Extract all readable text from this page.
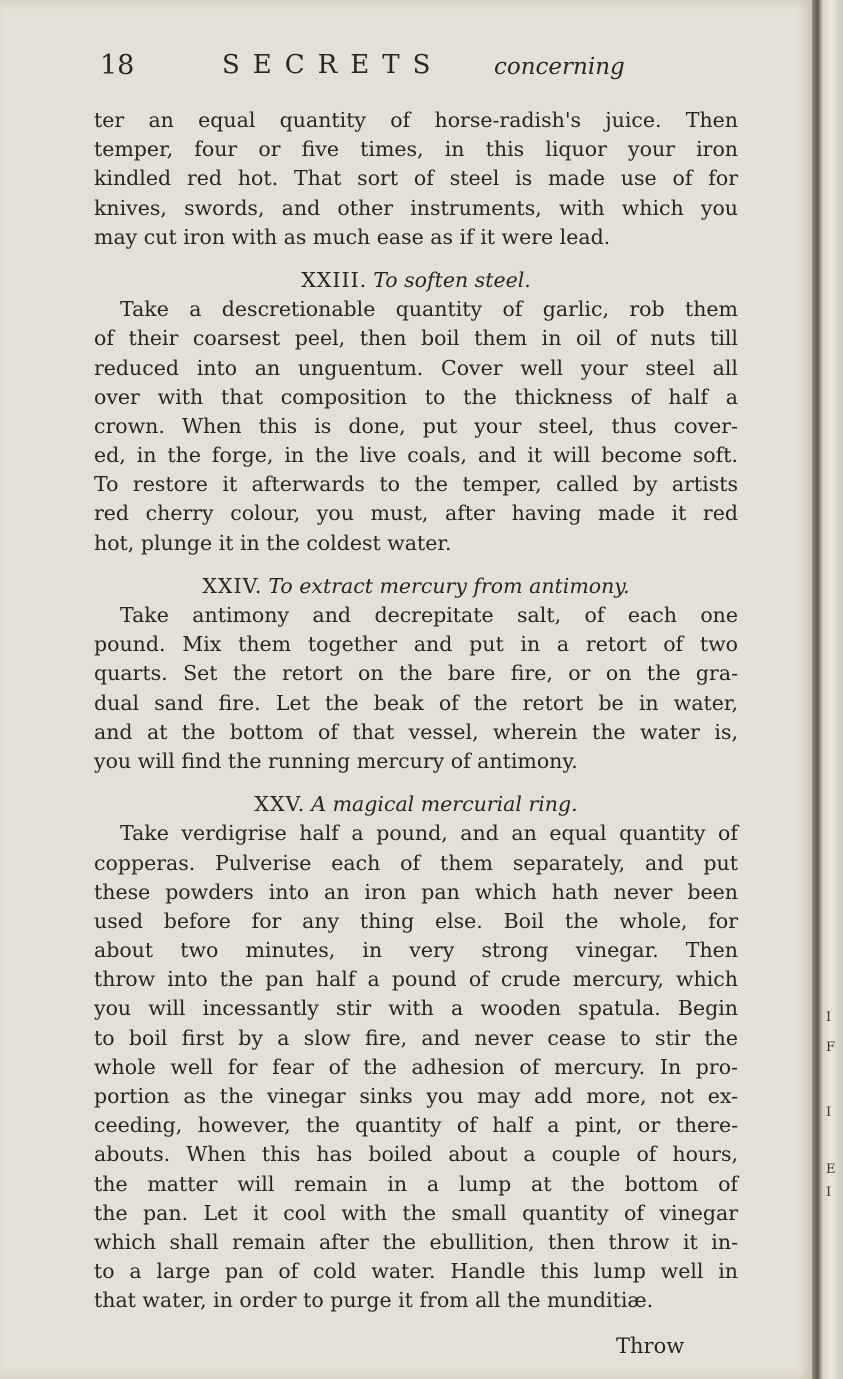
18	SECRETS concerning
ter an equal quantity of horse-radish's juice. Then
temper, four or five times, in this liquor your iron
kindled red hot. That sort of steel is made use of for
knives, swords, and other instruments, with which you
may cut iron with as much ease as if it were lead.
XXIII. To soften steel.
Take a descretionable quantity of garlic, rob them
of their coarsest peel, then boil them in oil of nuts till
reduced into an unguentum. Cover well your steel all
over with that composition to the thickness of half a
crown. When this is done, put your steel, thus cover-
ed, in the forge, in the live coals, and it will become soft.
To restore it afterwards to the temper, called by artists
red cherry colour, you must, after having made it red
hot, plunge it in the coldest water.
XXIV. To extract mercury from antimony.
Take antimony and decrepitate salt, of each one
pound. Mix them together and put in a retort of two
quarts. Set the retort on the bare fire, or on the gra-
dual sand fire. Let the beak of the retort be in water,
and at the bottom of that vessel, wherein the water is,
you will find the running mercury of antimony.
XXV. A magical mercurial ring.
Take verdigrise half a pound, and an equal quantity of
copperas. Pulverise each of them separately, and put
these powders into an iron pan which hath never been
used before for any thing else. Boil the whole, for
about two minutes, in very strong vinegar. Then
throw into the pan half a pound of crude mercury, which
you will incessantly stir with a wooden spatula. Begin
to boil first by a slow fire, and never cease to stir the
whole well for fear of the adhesion of mercury. In pro-
portion as the vinegar sinks you may add more, not ex-
ceeding, however, the quantity of half a pint, or there-
abouts. When this has boiled about a couple of hours,
the matter will remain in a lump at the bottom of
the pan. Let it cool with the small quantity of vinegar
which shall remain after the ebullition, then throw it in-
to a large pan of cold water. Handle this lump well in
that water, in order to purge it from all the munditiæ.
Throw
I
F
I
E
I
